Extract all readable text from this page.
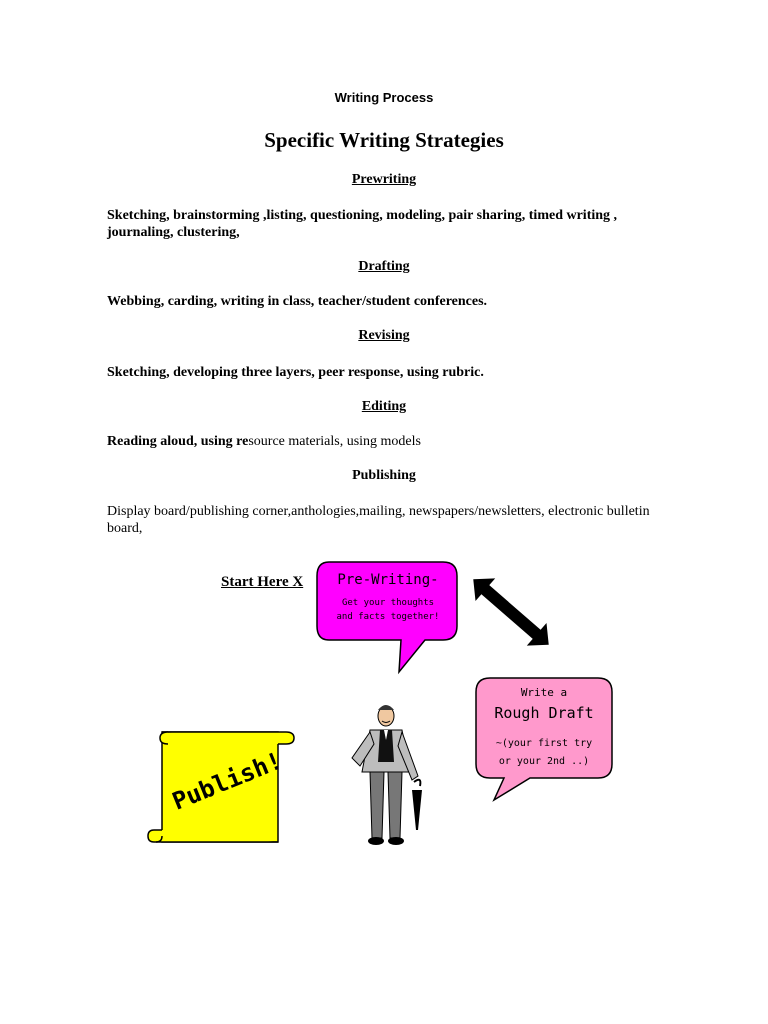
Writing Process
Specific Writing Strategies
Prewriting
Sketching, brainstorming ,listing, questioning, modeling, pair sharing, timed writing , journaling, clustering,
Drafting
Webbing, carding, writing in class, teacher/student conferences.
Revising
Sketching, developing three layers, peer response, using rubric.
Editing
Reading aloud, using resource materials, using models
Publishing
Display board/publishing corner,anthologies,mailing, newspapers/newsletters, electronic bulletin board,
Start Here X	Pre-Writing-
Get your thoughts
and facts together!
Write a
Rough Draft
~(your first try
or your 2nd ..)
Publish!
